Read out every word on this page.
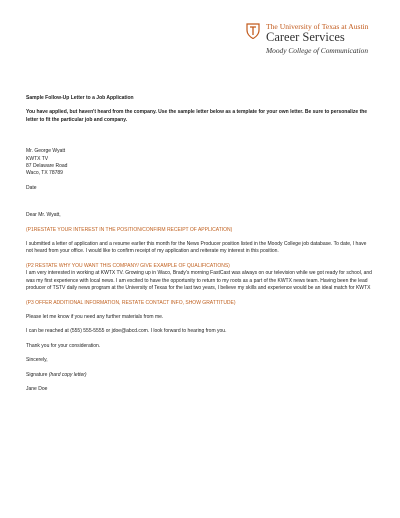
The University of Texas at Austin
Career Services
Moody College of Communication

Sample Follow-Up Letter to a Job Application

You have applied, but haven't heard from the company. Use the sample letter below as a template for your own letter. Be sure to personalize the letter to fit the particular job and company.

Mr. George Wyatt

KWTX TV

87 Delaware Road

Waco, TX 78789

Date

Dear Mr. Wyatt,

(P1RESTATE YOUR INTEREST IN THE POSITION/CONFIRM RECEIPT OF APPLICATION)

I submitted a letter of application and a resume earlier this month for the News Producer position listed in the Moody College job database. To date, I have not heard from your office. I would like to confirm receipt of my application and reiterate my interest in this position.

(P2 RESTATE WHY YOU WANT THIS COMPANY/ GIVE EXAMPLE OF QUALIFICATIONS)

I am very interested in working at KWTX TV. Growing up in Waco, Brady's morning FastCast was always on our television while we got ready for school, and was my first experience with local news. I am excited to have the opportunity to return to my roots as a part of the KWTX news team. Having been the lead producer of TSTV daily news program at the University of Texas for the last two years, I believe my skills and experience would be an ideal match for KWTX

(P3 OFFER ADDITIONAL INFORMATION, RESTATE CONTACT INFO, SHOW GRATTITUDE)

Please let me know if you need any further materials from me.

I can be reached at (555) 555-5555 or jdoe@abcd.com. I look forward to hearing from you.

Thank you for your consideration.

Sincerely,

Signature (hard copy letter)

Jane Doe
